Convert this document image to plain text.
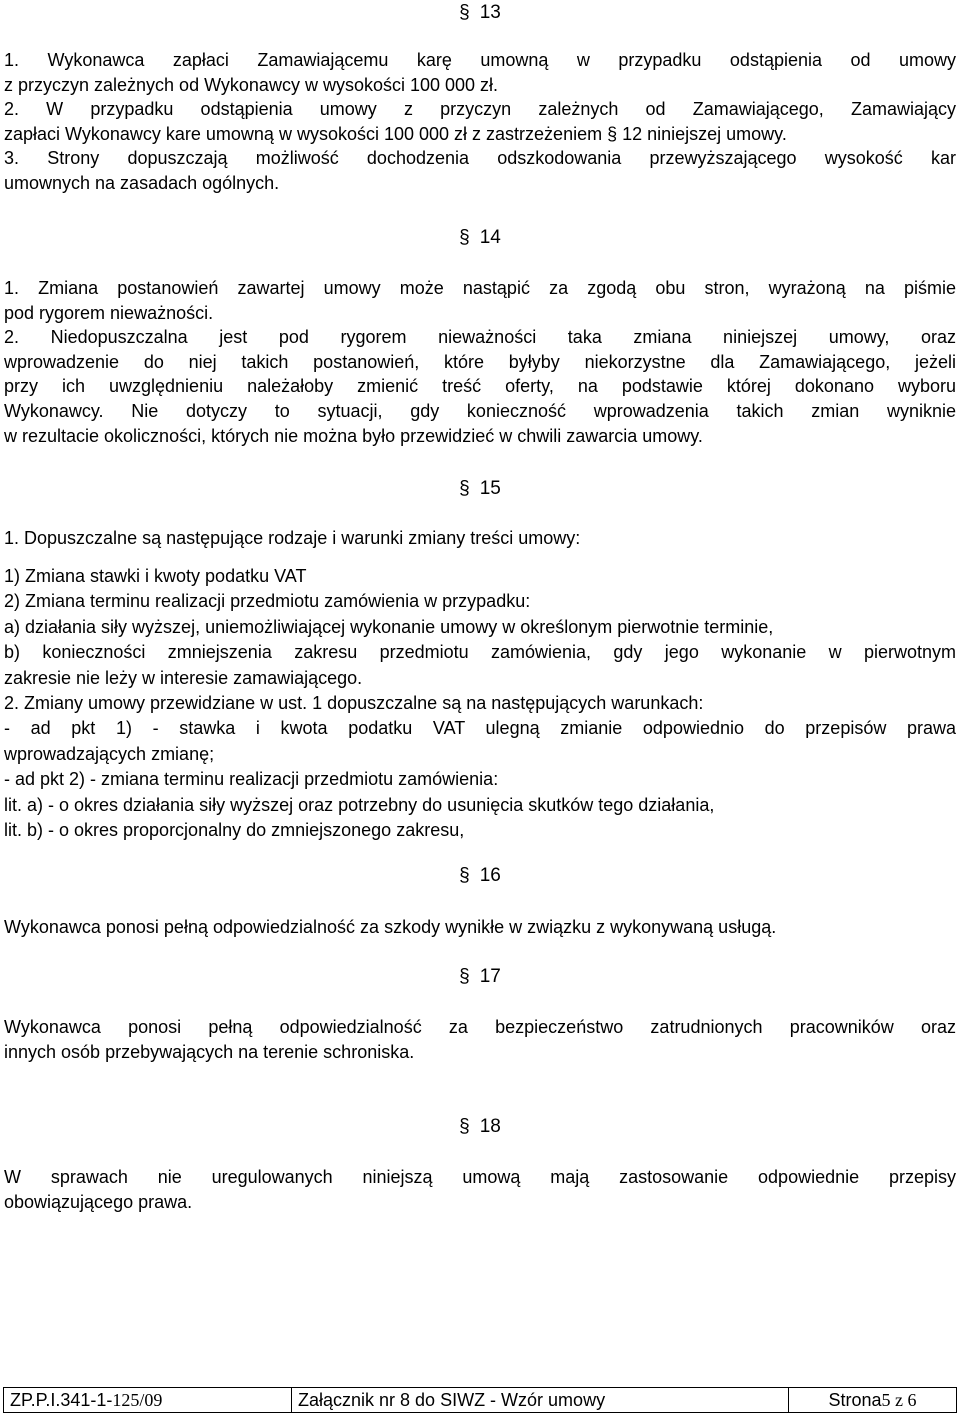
§ 13
1. Wykonawca zapłaci Zamawiającemu karę umowną w przypadku odstąpienia od umowy
z przyczyn zależnych od Wykonawcy w wysokości 100 000 zł.
2. W przypadku odstąpienia umowy z przyczyn zależnych od Zamawiającego, Zamawiający
zapłaci Wykonawcy kare umowną w wysokości 100 000 zł z zastrzeżeniem § 12 niniejszej umowy.
3. Strony dopuszczają możliwość dochodzenia odszkodowania przewyższającego wysokość kar
umownych na zasadach ogólnych.
§ 14
1. Zmiana postanowień zawartej umowy może nastąpić za zgodą obu stron, wyrażoną na piśmie
pod rygorem nieważności.
2. Niedopuszczalna jest pod rygorem nieważności taka zmiana niniejszej umowy, oraz
wprowadzenie do niej takich postanowień, które byłyby niekorzystne dla Zamawiającego, jeżeli
przy ich uwzględnieniu należałoby zmienić treść oferty, na podstawie której dokonano wyboru
Wykonawcy. Nie dotyczy to sytuacji, gdy konieczność wprowadzenia takich zmian wyniknie
w rezultacie okoliczności, których nie można było przewidzieć w chwili zawarcia umowy.
§ 15
1. Dopuszczalne są następujące rodzaje i warunki zmiany treści umowy:
1) Zmiana stawki i kwoty podatku VAT
2) Zmiana terminu realizacji przedmiotu zamówienia w przypadku:
a) działania siły wyższej, uniemożliwiającej wykonanie umowy w określonym pierwotnie terminie,
b) konieczności zmniejszenia zakresu przedmiotu zamówienia, gdy jego wykonanie w pierwotnym
zakresie nie leży w interesie zamawiającego.
2. Zmiany umowy przewidziane w ust. 1 dopuszczalne są na następujących warunkach:
- ad pkt 1) - stawka i kwota podatku VAT ulegną zmianie odpowiednio do przepisów prawa
wprowadzających zmianę;
- ad pkt 2) - zmiana terminu realizacji przedmiotu zamówienia:
lit. a) - o okres działania siły wyższej oraz potrzebny do usunięcia skutków tego działania,
lit. b) - o okres proporcjonalny do zmniejszonego zakresu,
§ 16
Wykonawca ponosi pełną odpowiedzialność za szkody wynikłe w związku z wykonywaną usługą.
§ 17
Wykonawca ponosi pełną odpowiedzialność za bezpieczeństwo zatrudnionych pracowników oraz
innych osób przebywających na terenie schroniska.
§ 18
W sprawach nie uregulowanych niniejszą umową mają zastosowanie odpowiednie przepisy
obowiązującego prawa.
ZP.P.I.341-1- 125/09	Załącznik nr 8 do SIWZ - Wzór umowy	Strona 5 z 6
